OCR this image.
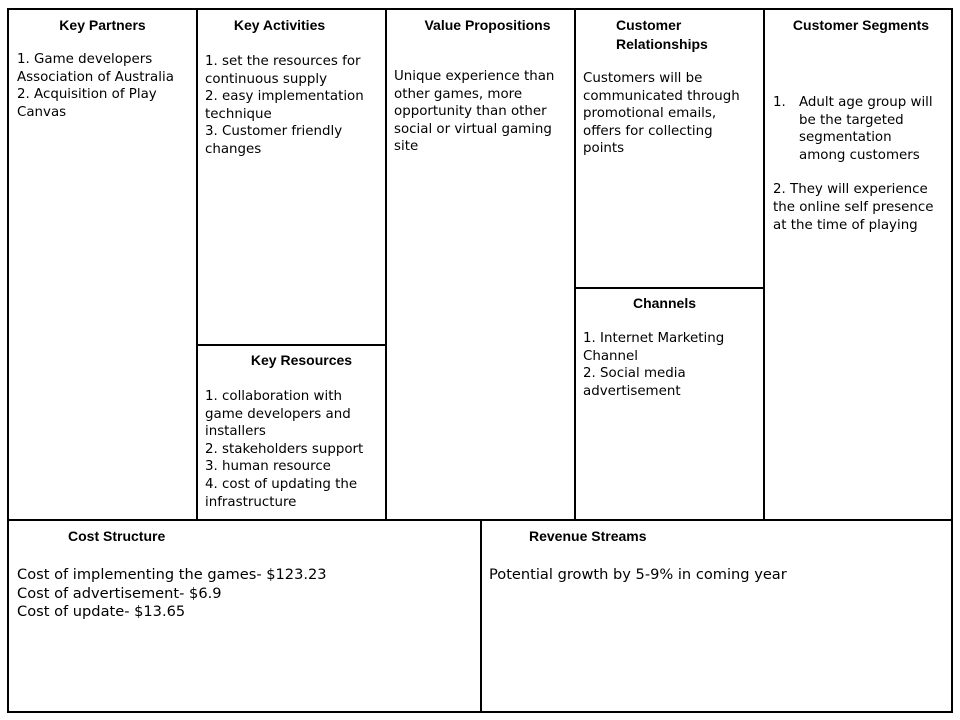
Key Partners
1. Game developers
Association of Australia
2. Acquisition of Play
Canvas
Key Activities
1. set the resources for
continuous supply
2. easy implementation
technique
3. Customer friendly
changes
Key Resources
1. collaboration with
game developers and
installers
2. stakeholders support
3. human resource
4. cost of updating the
infrastructure
Value Propositions
Unique experience than
other games, more
opportunity than other
social or virtual gaming
site
Customer
Relationships
Customers will be
communicated through
promotional emails,
offers for collecting
points
Channels
1. Internet Marketing
Channel
2. Social media
advertisement
Customer Segments
1. Adult age group will be the targeted segmentation among customers
2. They will experience
the online self presence
at the time of playing
Cost Structure
Cost of implementing the games- $123.23
Cost of advertisement- $6.9
Cost of update- $13.65
Revenue Streams
Potential growth by 5-9% in coming year
